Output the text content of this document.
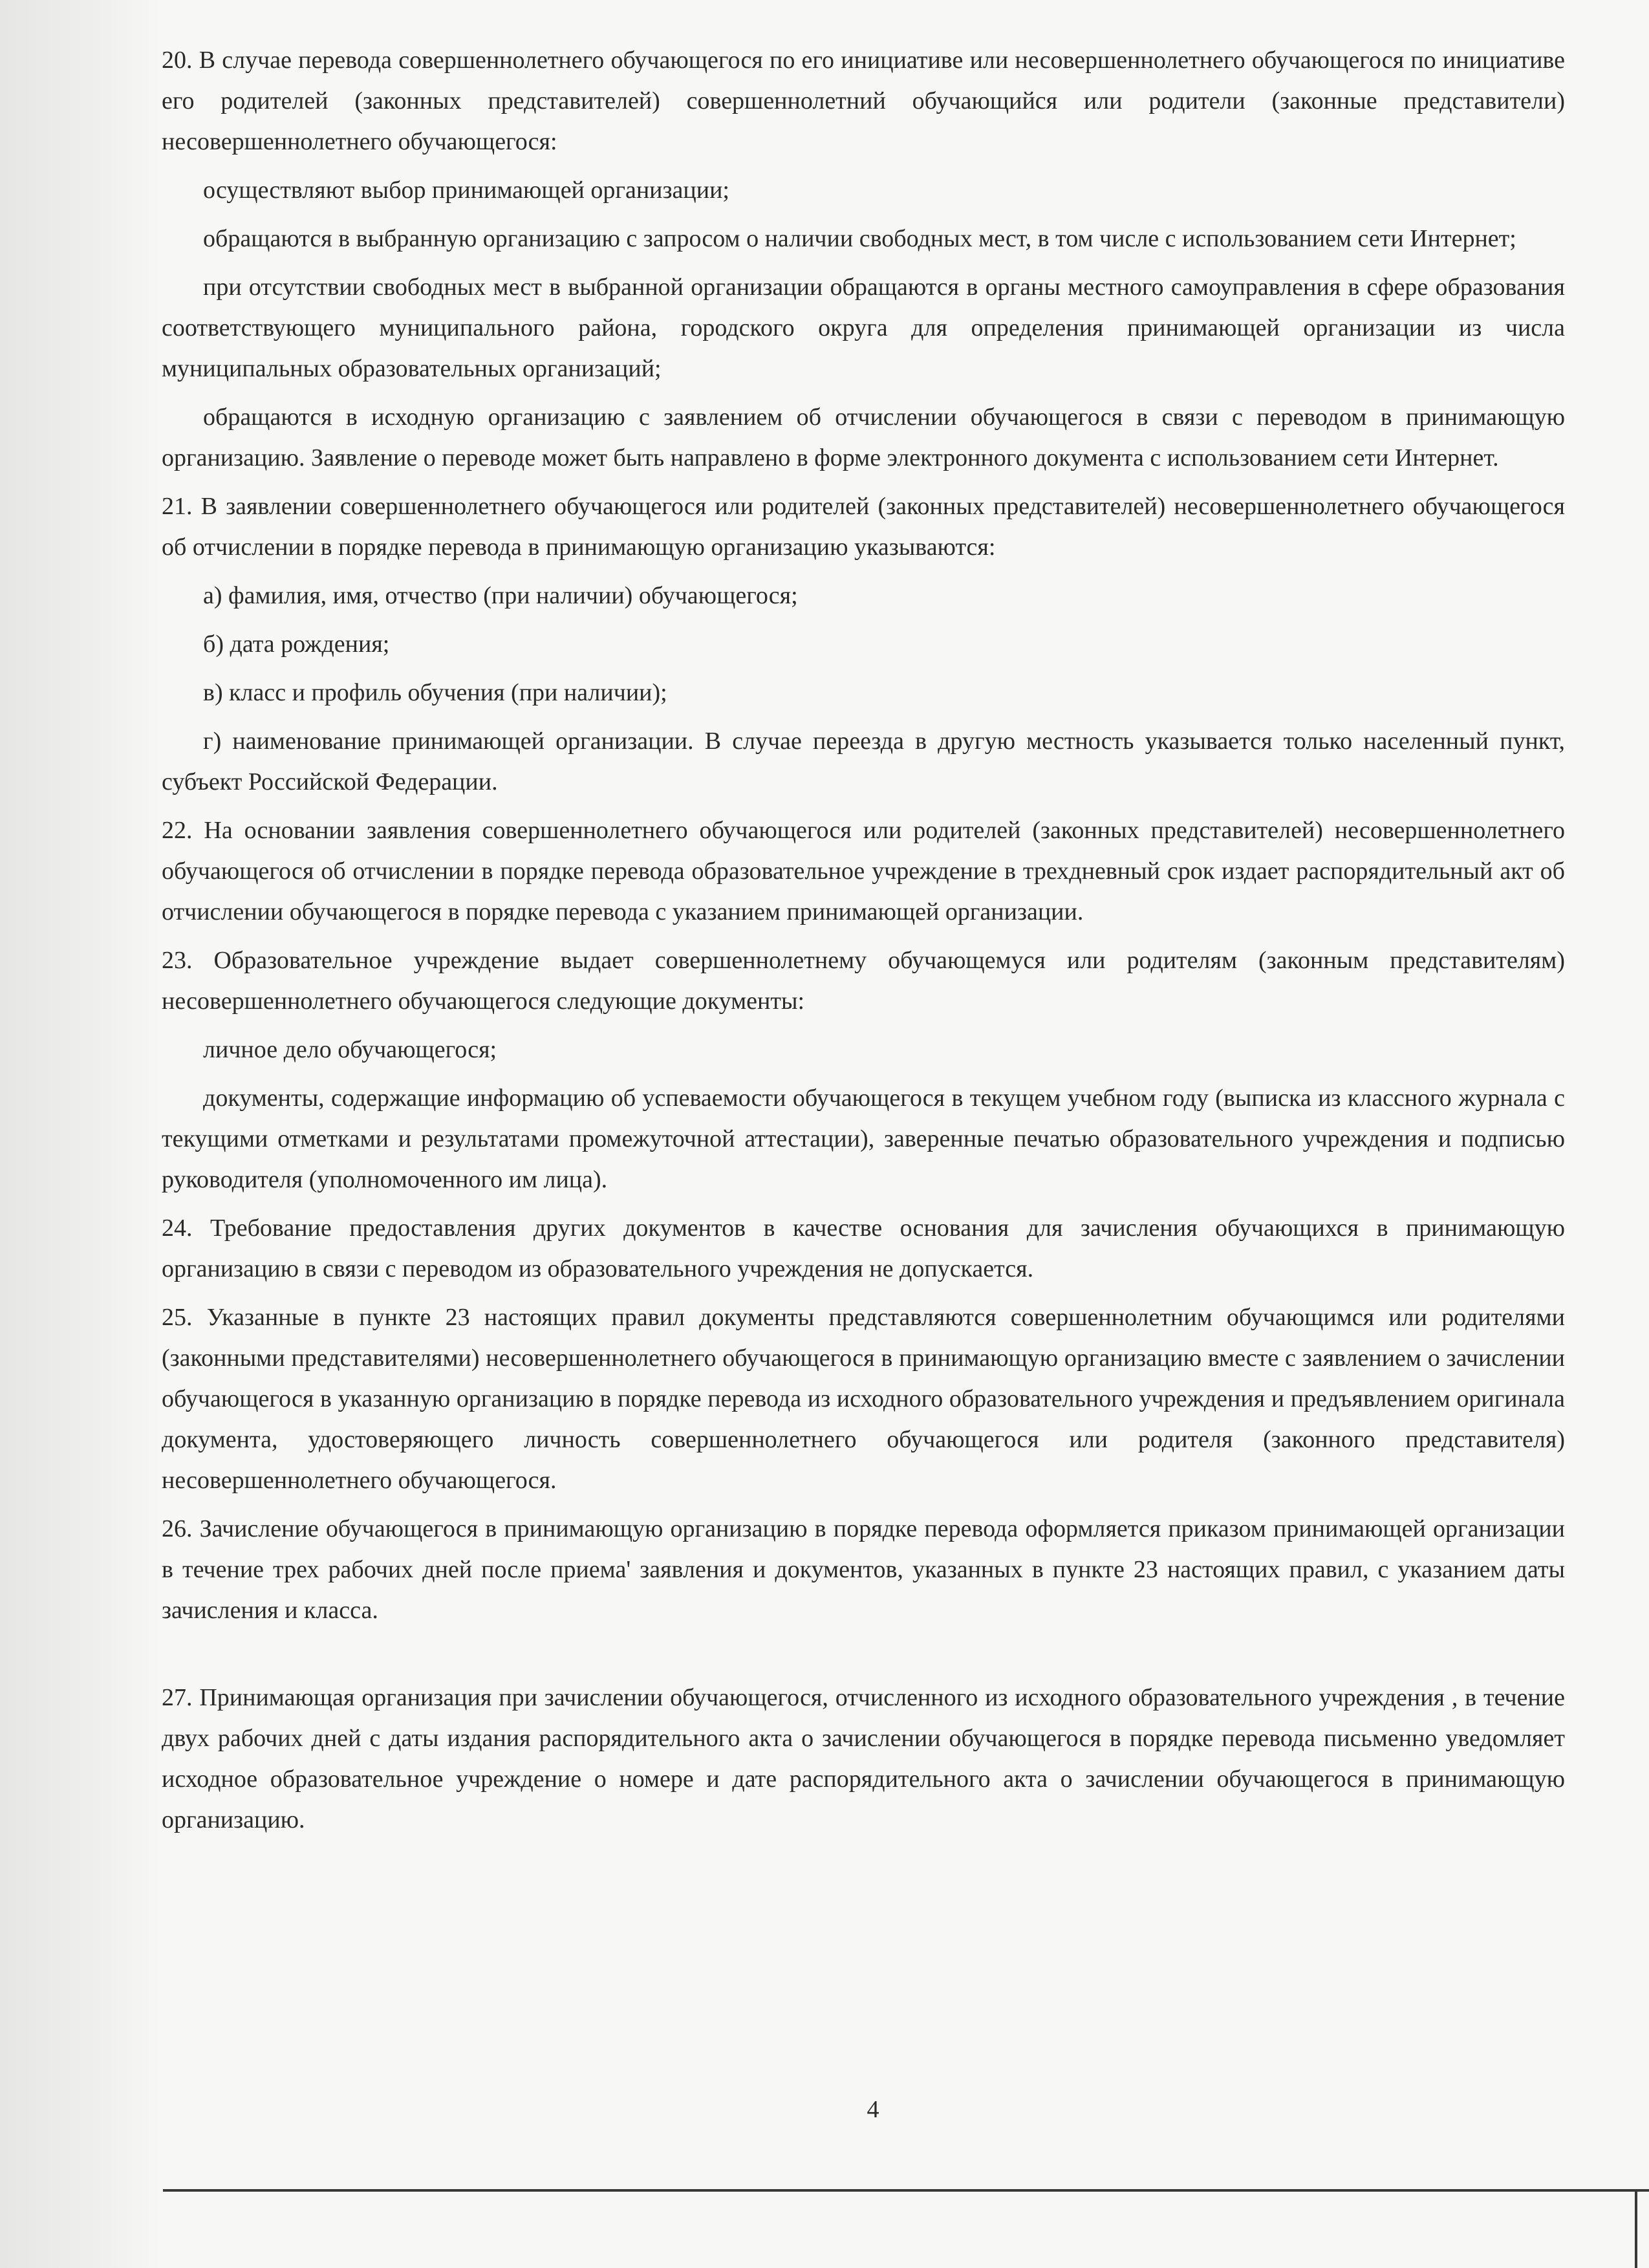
20. В случае перевода совершеннолетнего обучающегося по его инициативе или несовершеннолетнего обучающегося по инициативе его родителей (законных представителей) совершеннолетний обучающийся или родители (законные представители) несовершеннолетнего обучающегося:

осуществляют выбор принимающей организации;

обращаются в выбранную организацию с запросом о наличии свободных мест, в том числе с использованием сети Интернет;

при отсутствии свободных мест в выбранной организации обращаются в органы местного самоуправления в сфере образования соответствующего муниципального района, городского округа для определения принимающей организации из числа муниципальных образовательных организаций;

обращаются в исходную организацию с заявлением об отчислении обучающегося в связи с переводом в принимающую организацию. Заявление о переводе может быть направлено в форме электронного документа с использованием сети Интернет.

21. В заявлении совершеннолетнего обучающегося или родителей (законных представителей) несовершеннолетнего обучающегося об отчислении в порядке перевода в принимающую организацию указываются:

а) фамилия, имя, отчество (при наличии) обучающегося;

б) дата рождения;

в) класс и профиль обучения (при наличии);

г) наименование принимающей организации. В случае переезда в другую местность указывается только населенный пункт, субъект Российской Федерации.

22. На основании заявления совершеннолетнего обучающегося или родителей (законных представителей) несовершеннолетнего обучающегося об отчислении в порядке перевода образовательное учреждение в трехдневный срок издает распорядительный акт об отчислении обучающегося в порядке перевода с указанием принимающей организации.

23. Образовательное учреждение выдает совершеннолетнему обучающемуся или родителям (законным представителям) несовершеннолетнего обучающегося следующие документы:

личное дело обучающегося;

документы, содержащие информацию об успеваемости обучающегося в текущем учебном году (выписка из классного журнала с текущими отметками и результатами промежуточной аттестации), заверенные печатью образовательного учреждения и подписью руководителя (уполномоченного им лица).

24. Требование предоставления других документов в качестве основания для зачисления обучающихся в принимающую организацию в связи с переводом из образовательного учреждения не допускается.

25. Указанные в пункте 23 настоящих правил документы представляются совершеннолетним обучающимся или родителями (законными представителями) несовершеннолетнего обучающегося в принимающую организацию вместе с заявлением о зачислении обучающегося в указанную организацию в порядке перевода из исходного образовательного учреждения и предъявлением оригинала документа, удостоверяющего личность совершеннолетнего обучающегося или родителя (законного представителя) несовершеннолетнего обучающегося.

26. Зачисление обучающегося в принимающую организацию в порядке перевода оформляется приказом принимающей организации в течение трех рабочих дней после приема' заявления и документов, указанных в пункте 23 настоящих правил, с указанием даты зачисления и класса.

27. Принимающая организация при зачислении обучающегося, отчисленного из исходного образовательного учреждения , в течение двух рабочих дней с даты издания распорядительного акта о зачислении обучающегося в порядке перевода письменно уведомляет исходное образовательное учреждение о номере и дате распорядительного акта о зачислении обучающегося в принимающую организацию.

4
